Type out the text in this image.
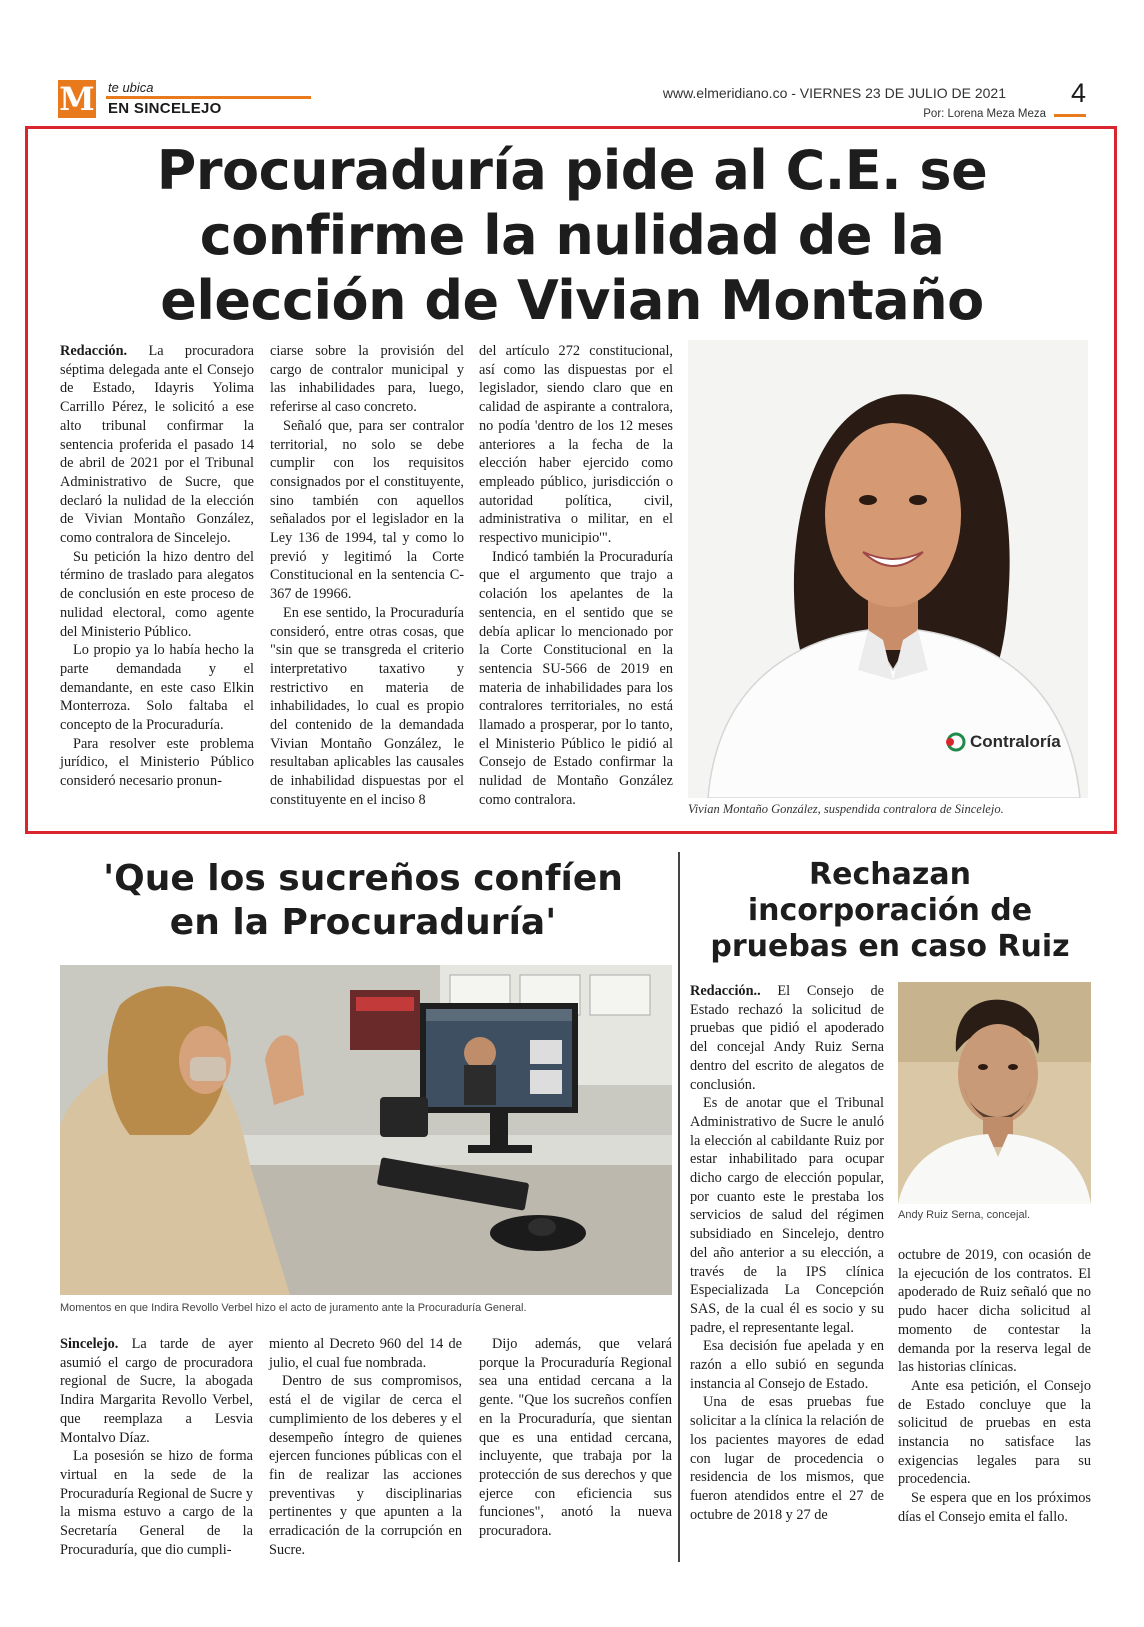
M te ubica
EN SINCELEJO
www.elmeridiano.co - VIERNES 23 DE JULIO DE 2021
Por: Lorena Meza Meza
4
Procuraduría pide al C.E. se
confirme la nulidad de la
elección de Vivian Montaño

Redacción. La procuradora séptima delegada ante el Consejo de Estado, Idayris Yolima Carrillo Pérez, le solicitó a ese alto tribunal confirmar la sentencia proferida el pasado 14 de abril de 2021 por el Tribunal Administrativo de Sucre, que declaró la nulidad de la elección de Vivian Montaño González, como contralora de Sincelejo.

Su petición la hizo dentro del término de traslado para alegatos de conclusión en este proceso de nulidad electoral, como agente del Ministerio Público.

Lo propio ya lo había hecho la parte demandada y el demandante, en este caso Elkin Monterroza. Solo faltaba el concepto de la Procuraduría.

Para resolver este problema jurídico, el Ministerio Público consideró necesario pronun-

ciarse sobre la provisión del cargo de contralor municipal y las inhabilidades para, luego, referirse al caso concreto.

Señaló que, para ser contralor territorial, no solo se debe cumplir con los requisitos consignados por el constituyente, sino también con aquellos señalados por el legislador en la Ley 136 de 1994, tal y como lo previó y legitimó la Corte Constitucional en la sentencia C-367 de 19966.

En ese sentido, la Procuraduría consideró, entre otras cosas, que "sin que se transgreda el criterio interpretativo taxativo y restrictivo en materia de inhabilidades, lo cual es propio del contenido de la demandada Vivian Montaño González, le resultaban aplicables las causales de inhabilidad dispuestas por el constituyente en el inciso 8

del artículo 272 constitucional, así como las dispuestas por el legislador, siendo claro que en calidad de aspirante a contralora, no podía 'dentro de los 12 meses anteriores a la fecha de la elección haber ejercido como empleado público, jurisdicción o autoridad política, civil, administrativa o militar, en el respectivo municipio'".

Indicó también la Procuraduría que el argumento que trajo a colación los apelantes de la sentencia, en el sentido que se debía aplicar lo mencionado por la Corte Constitucional en la sentencia SU-566 de 2019 en materia de inhabilidades para los contralores territoriales, no está llamado a prosperar, por lo tanto, el Ministerio Público le pidió al Consejo de Estado confirmar la nulidad de Montaño González como contralora.

Contraloría
Vivian Montaño González, suspendida contralora de Sincelejo.
'Que los sucreños confíen
en la Procuraduría'
Momentos en que Indira Revollo Verbel hizo el acto de juramento ante la Procuraduría General.

Sincelejo. La tarde de ayer asumió el cargo de procuradora regional de Sucre, la abogada Indira Margarita Revollo Verbel, que reemplaza a Lesvia Montalvo Díaz.

La posesión se hizo de forma virtual en la sede de la Procuraduría Regional de Sucre y la misma estuvo a cargo de la Secretaría General de la Procuraduría, que dio cumpli-

miento al Decreto 960 del 14 de julio, el cual fue nombrada.

Dentro de sus compromisos, está el de vigilar de cerca el cumplimiento de los deberes y el desempeño íntegro de quienes ejercen funciones públicas con el fin de realizar las acciones preventivas y disciplinarias pertinentes y que apunten a la erradicación de la corrupción en Sucre.

Dijo además, que velará porque la Procuraduría Regional sea una entidad cercana a la gente. "Que los sucreños confíen en la Procuraduría, que sientan que es una entidad cercana, incluyente, que trabaja por la protección de sus derechos y que ejerce con eficiencia sus funciones", anotó la nueva procuradora.

Rechazan
incorporación de
pruebas en caso Ruiz

Redacción.. El Consejo de Estado rechazó la solicitud de pruebas que pidió el apoderado del concejal Andy Ruiz Serna dentro del escrito de alegatos de conclusión.

Es de anotar que el Tribunal Administrativo de Sucre le anuló la elección al cabildante Ruiz por estar inhabilitado para ocupar dicho cargo de elección popular, por cuanto este le prestaba los servicios de salud del régimen subsidiado en Sincelejo, dentro del año anterior a su elección, a través de la IPS clínica Especializada La Concepción SAS, de la cual él es socio y su padre, el representante legal.

Esa decisión fue apelada y en razón a ello subió en segunda instancia al Consejo de Estado.

Una de esas pruebas fue solicitar a la clínica la relación de los pacientes mayores de edad con lugar de procedencia o residencia de los mismos, que fueron atendidos entre el 27 de octubre de 2018 y 27 de

Andy Ruiz Serna, concejal.

octubre de 2019, con ocasión de la ejecución de los contratos. El apoderado de Ruiz señaló que no pudo hacer dicha solicitud al momento de contestar la demanda por la reserva legal de las historias clínicas.

Ante esa petición, el Consejo de Estado concluye que la solicitud de pruebas en esta instancia no satisface las exigencias legales para su procedencia.

Se espera que en los próximos días el Consejo emita el fallo.
